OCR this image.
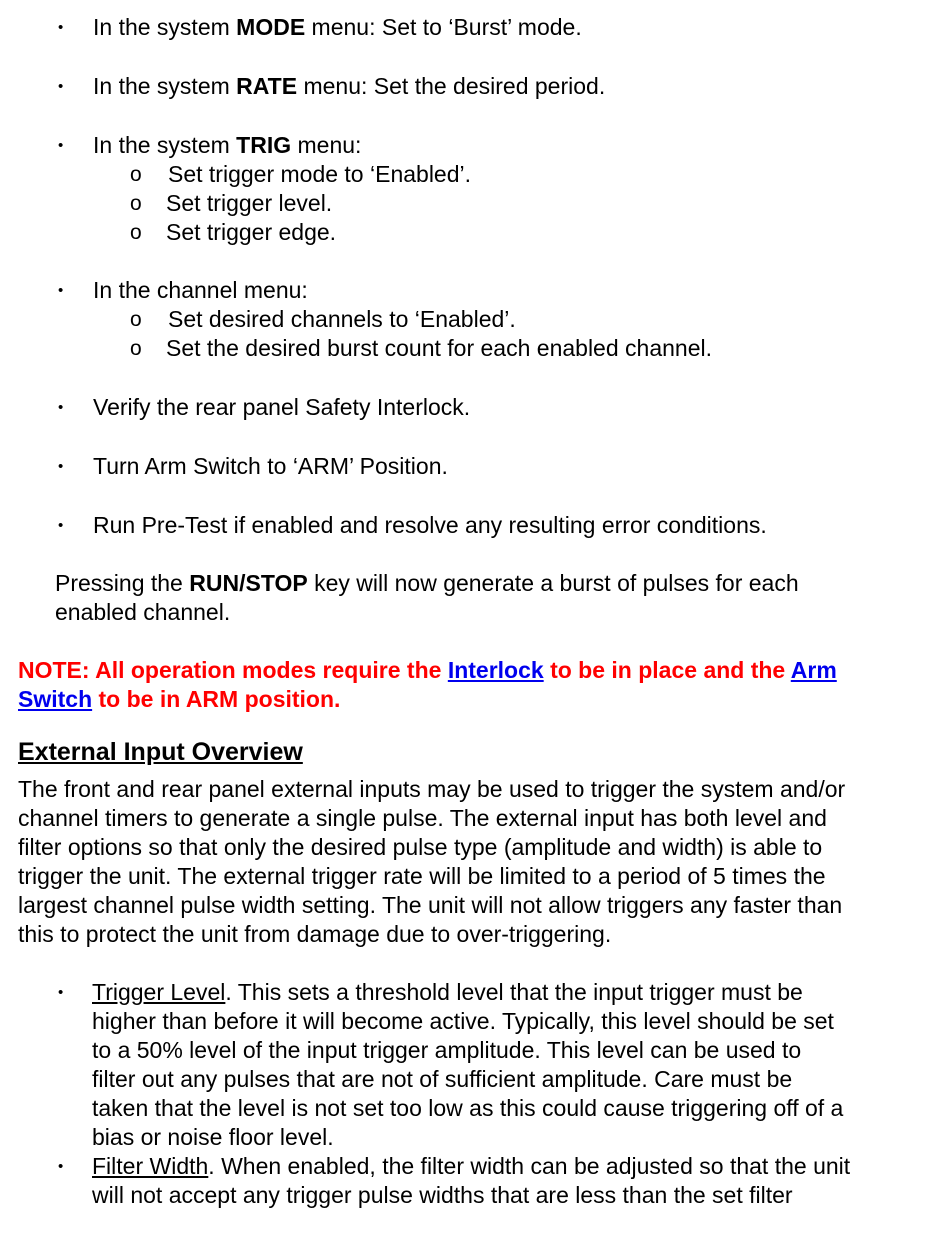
• In the system MODE menu: Set to ‘Burst’ mode.
• In the system RATE menu: Set the desired period.
• In the system TRIG menu:
o Set trigger mode to ‘Enabled’.
o Set trigger level.
o Set trigger edge.
• In the channel menu:
o Set desired channels to ‘Enabled’.
o Set the desired burst count for each enabled channel.
• Verify the rear panel Safety Interlock.
• Turn Arm Switch to ‘ARM’ Position.
• Run Pre-Test if enabled and resolve any resulting error conditions.
Pressing the RUN/STOP key will now generate a burst of pulses for each
enabled channel.
NOTE: All operation modes require the Interlock to be in place and the Arm
Switch to be in ARM position.
External Input Overview
The front and rear panel external inputs may be used to trigger the system and/or
channel timers to generate a single pulse. The external input has both level and
filter options so that only the desired pulse type (amplitude and width) is able to
trigger the unit. The external trigger rate will be limited to a period of 5 times the
largest channel pulse width setting. The unit will not allow triggers any faster than
this to protect the unit from damage due to over-triggering.
• Trigger Level. This sets a threshold level that the input trigger must be
higher than before it will become active. Typically, this level should be set
to a 50% level of the input trigger amplitude. This level can be used to
filter out any pulses that are not of sufficient amplitude. Care must be
taken that the level is not set too low as this could cause triggering off of a
bias or noise floor level.
• Filter Width. When enabled, the filter width can be adjusted so that the unit
will not accept any trigger pulse widths that are less than the set filter
